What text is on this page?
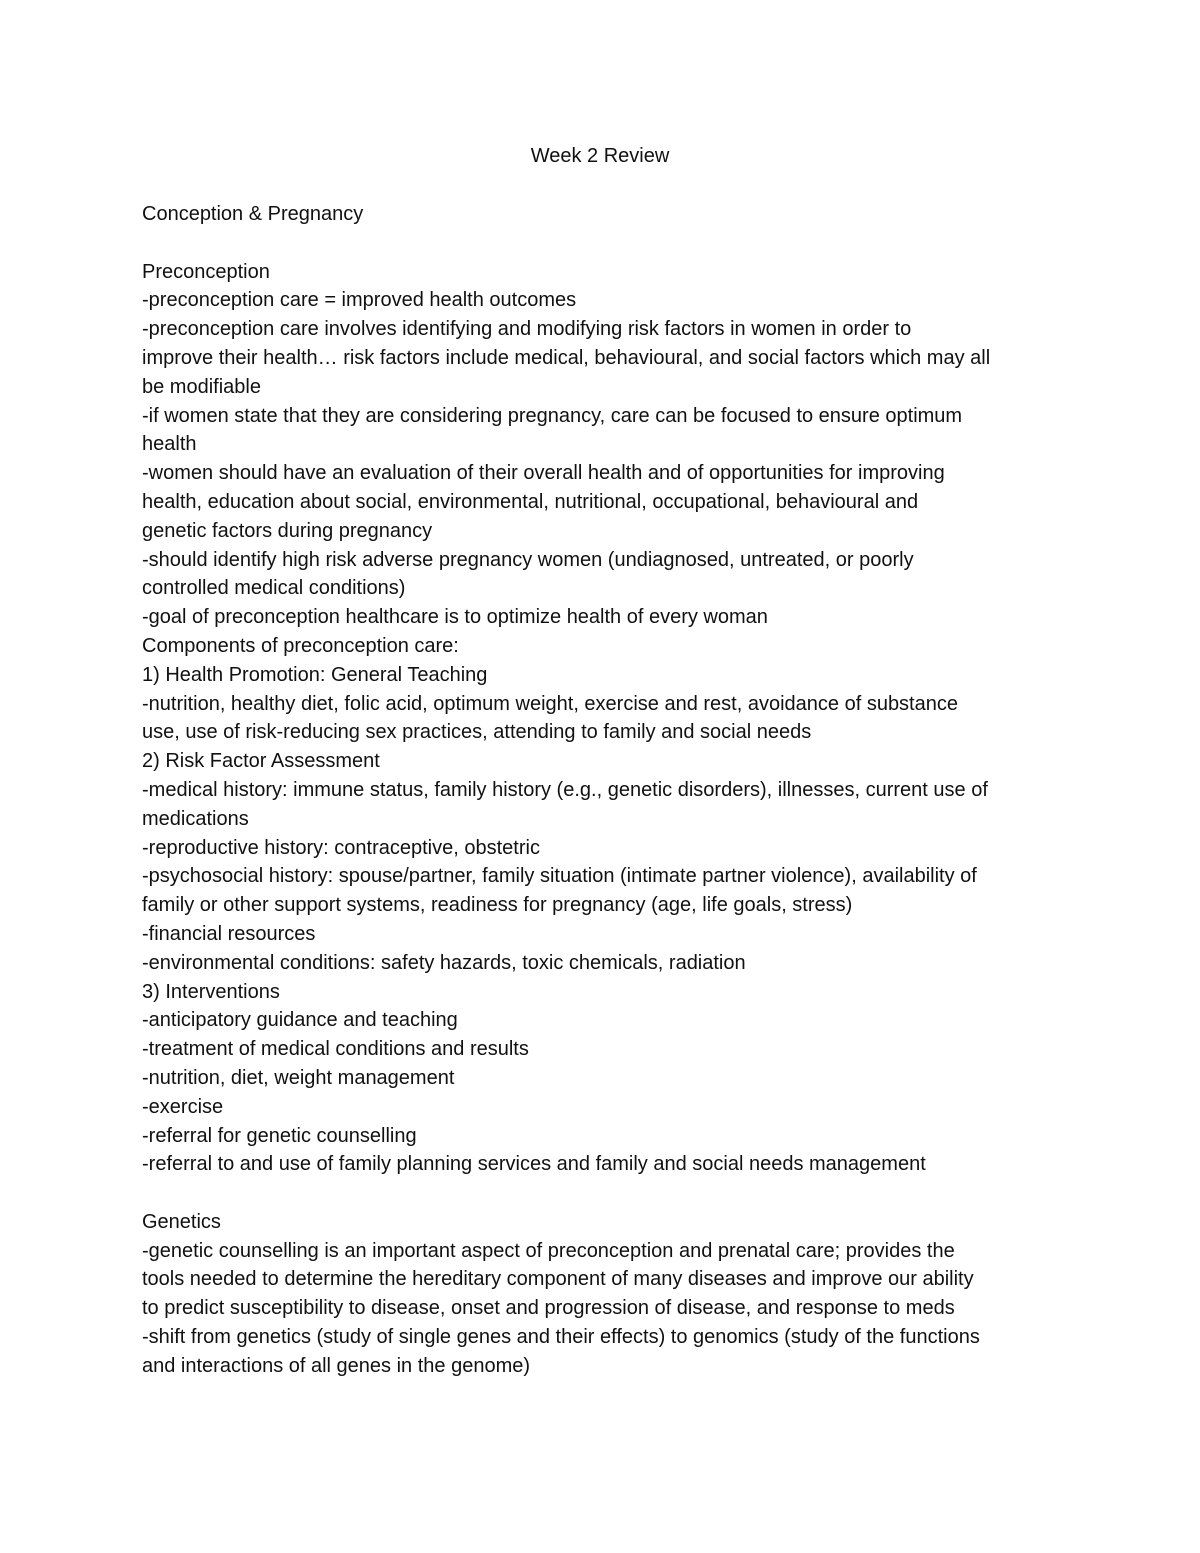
Week 2 Review
Conception & Pregnancy
Preconception
-preconception care = improved health outcomes
-preconception care involves identifying and modifying risk factors in women in order to
improve their health… risk factors include medical, behavioural, and social factors which may all
be modifiable
-if women state that they are considering pregnancy, care can be focused to ensure optimum
health
-women should have an evaluation of their overall health and of opportunities for improving
health, education about social, environmental, nutritional, occupational, behavioural and
genetic factors during pregnancy
-should identify high risk adverse pregnancy women (undiagnosed, untreated, or poorly
controlled medical conditions)
-goal of preconception healthcare is to optimize health of every woman
Components of preconception care:
1) Health Promotion: General Teaching
-nutrition, healthy diet, folic acid, optimum weight, exercise and rest, avoidance of substance
use, use of risk-reducing sex practices, attending to family and social needs
2) Risk Factor Assessment
-medical history: immune status, family history (e.g., genetic disorders), illnesses, current use of
medications
-reproductive history: contraceptive, obstetric
-psychosocial history: spouse/partner, family situation (intimate partner violence), availability of
family or other support systems, readiness for pregnancy (age, life goals, stress)
-financial resources
-environmental conditions: safety hazards, toxic chemicals, radiation
3) Interventions
-anticipatory guidance and teaching
-treatment of medical conditions and results
-nutrition, diet, weight management
-exercise
-referral for genetic counselling
-referral to and use of family planning services and family and social needs management
Genetics
-genetic counselling is an important aspect of preconception and prenatal care; provides the
tools needed to determine the hereditary component of many diseases and improve our ability
to predict susceptibility to disease, onset and progression of disease, and response to meds
-shift from genetics (study of single genes and their effects) to genomics (study of the functions
and interactions of all genes in the genome)
